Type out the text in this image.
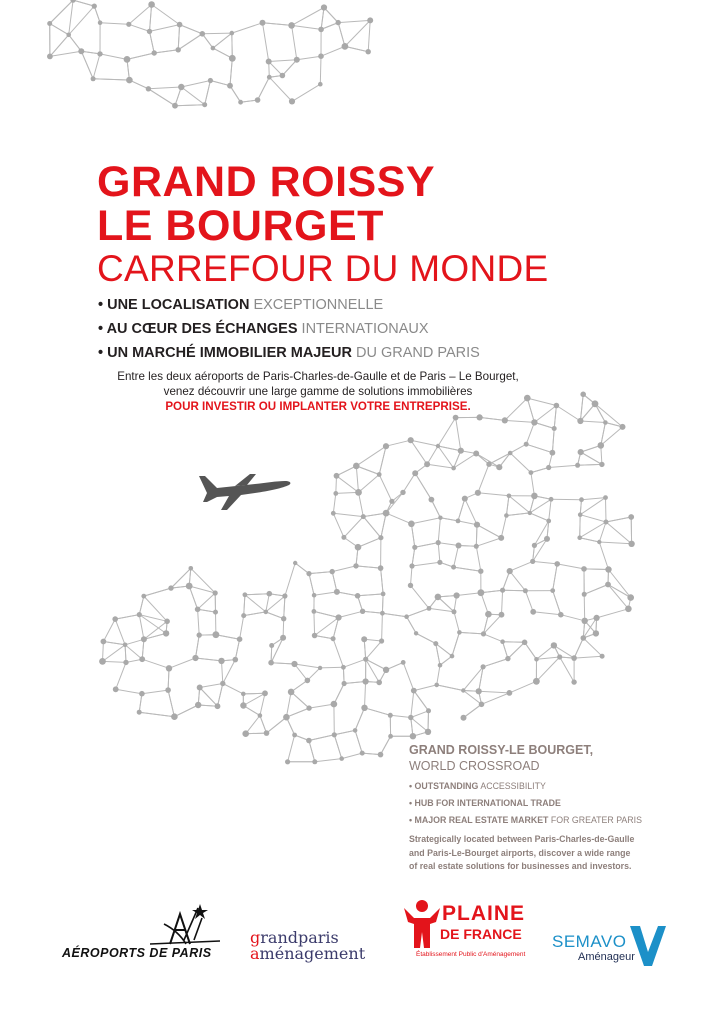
GRAND ROISSY
LE BOURGET
CARREFOUR DU MONDE
• UNE LOCALISATION EXCEPTIONNELLE
• AU CŒUR DES ÉCHANGES INTERNATIONAUX
• UN MARCHÉ IMMOBILIER MAJEUR DU GRAND PARIS
Entre les deux aéroports de Paris-Charles-de-Gaulle et de Paris – Le Bourget,
venez découvrir une large gamme de solutions immobilières
POUR INVESTIR OU IMPLANTER VOTRE ENTREPRISE.
GRAND ROISSY-LE BOURGET,
WORLD CROSSROAD
• OUTSTANDING ACCESSIBILITY
• HUB FOR INTERNATIONAL TRADE
• MAJOR REAL ESTATE MARKET FOR GREATER PARIS
Strategically located between Paris-Charles-de-Gaulle
and Paris-Le-Bourget airports, discover a wide range
of real estate solutions for businesses and investors.
AÉROPORTS DE PARIS
grandparis
aménagement
PLAINE
DE FRANCE
Établissement Public d'Aménagement
SEMAVO
Aménageur
